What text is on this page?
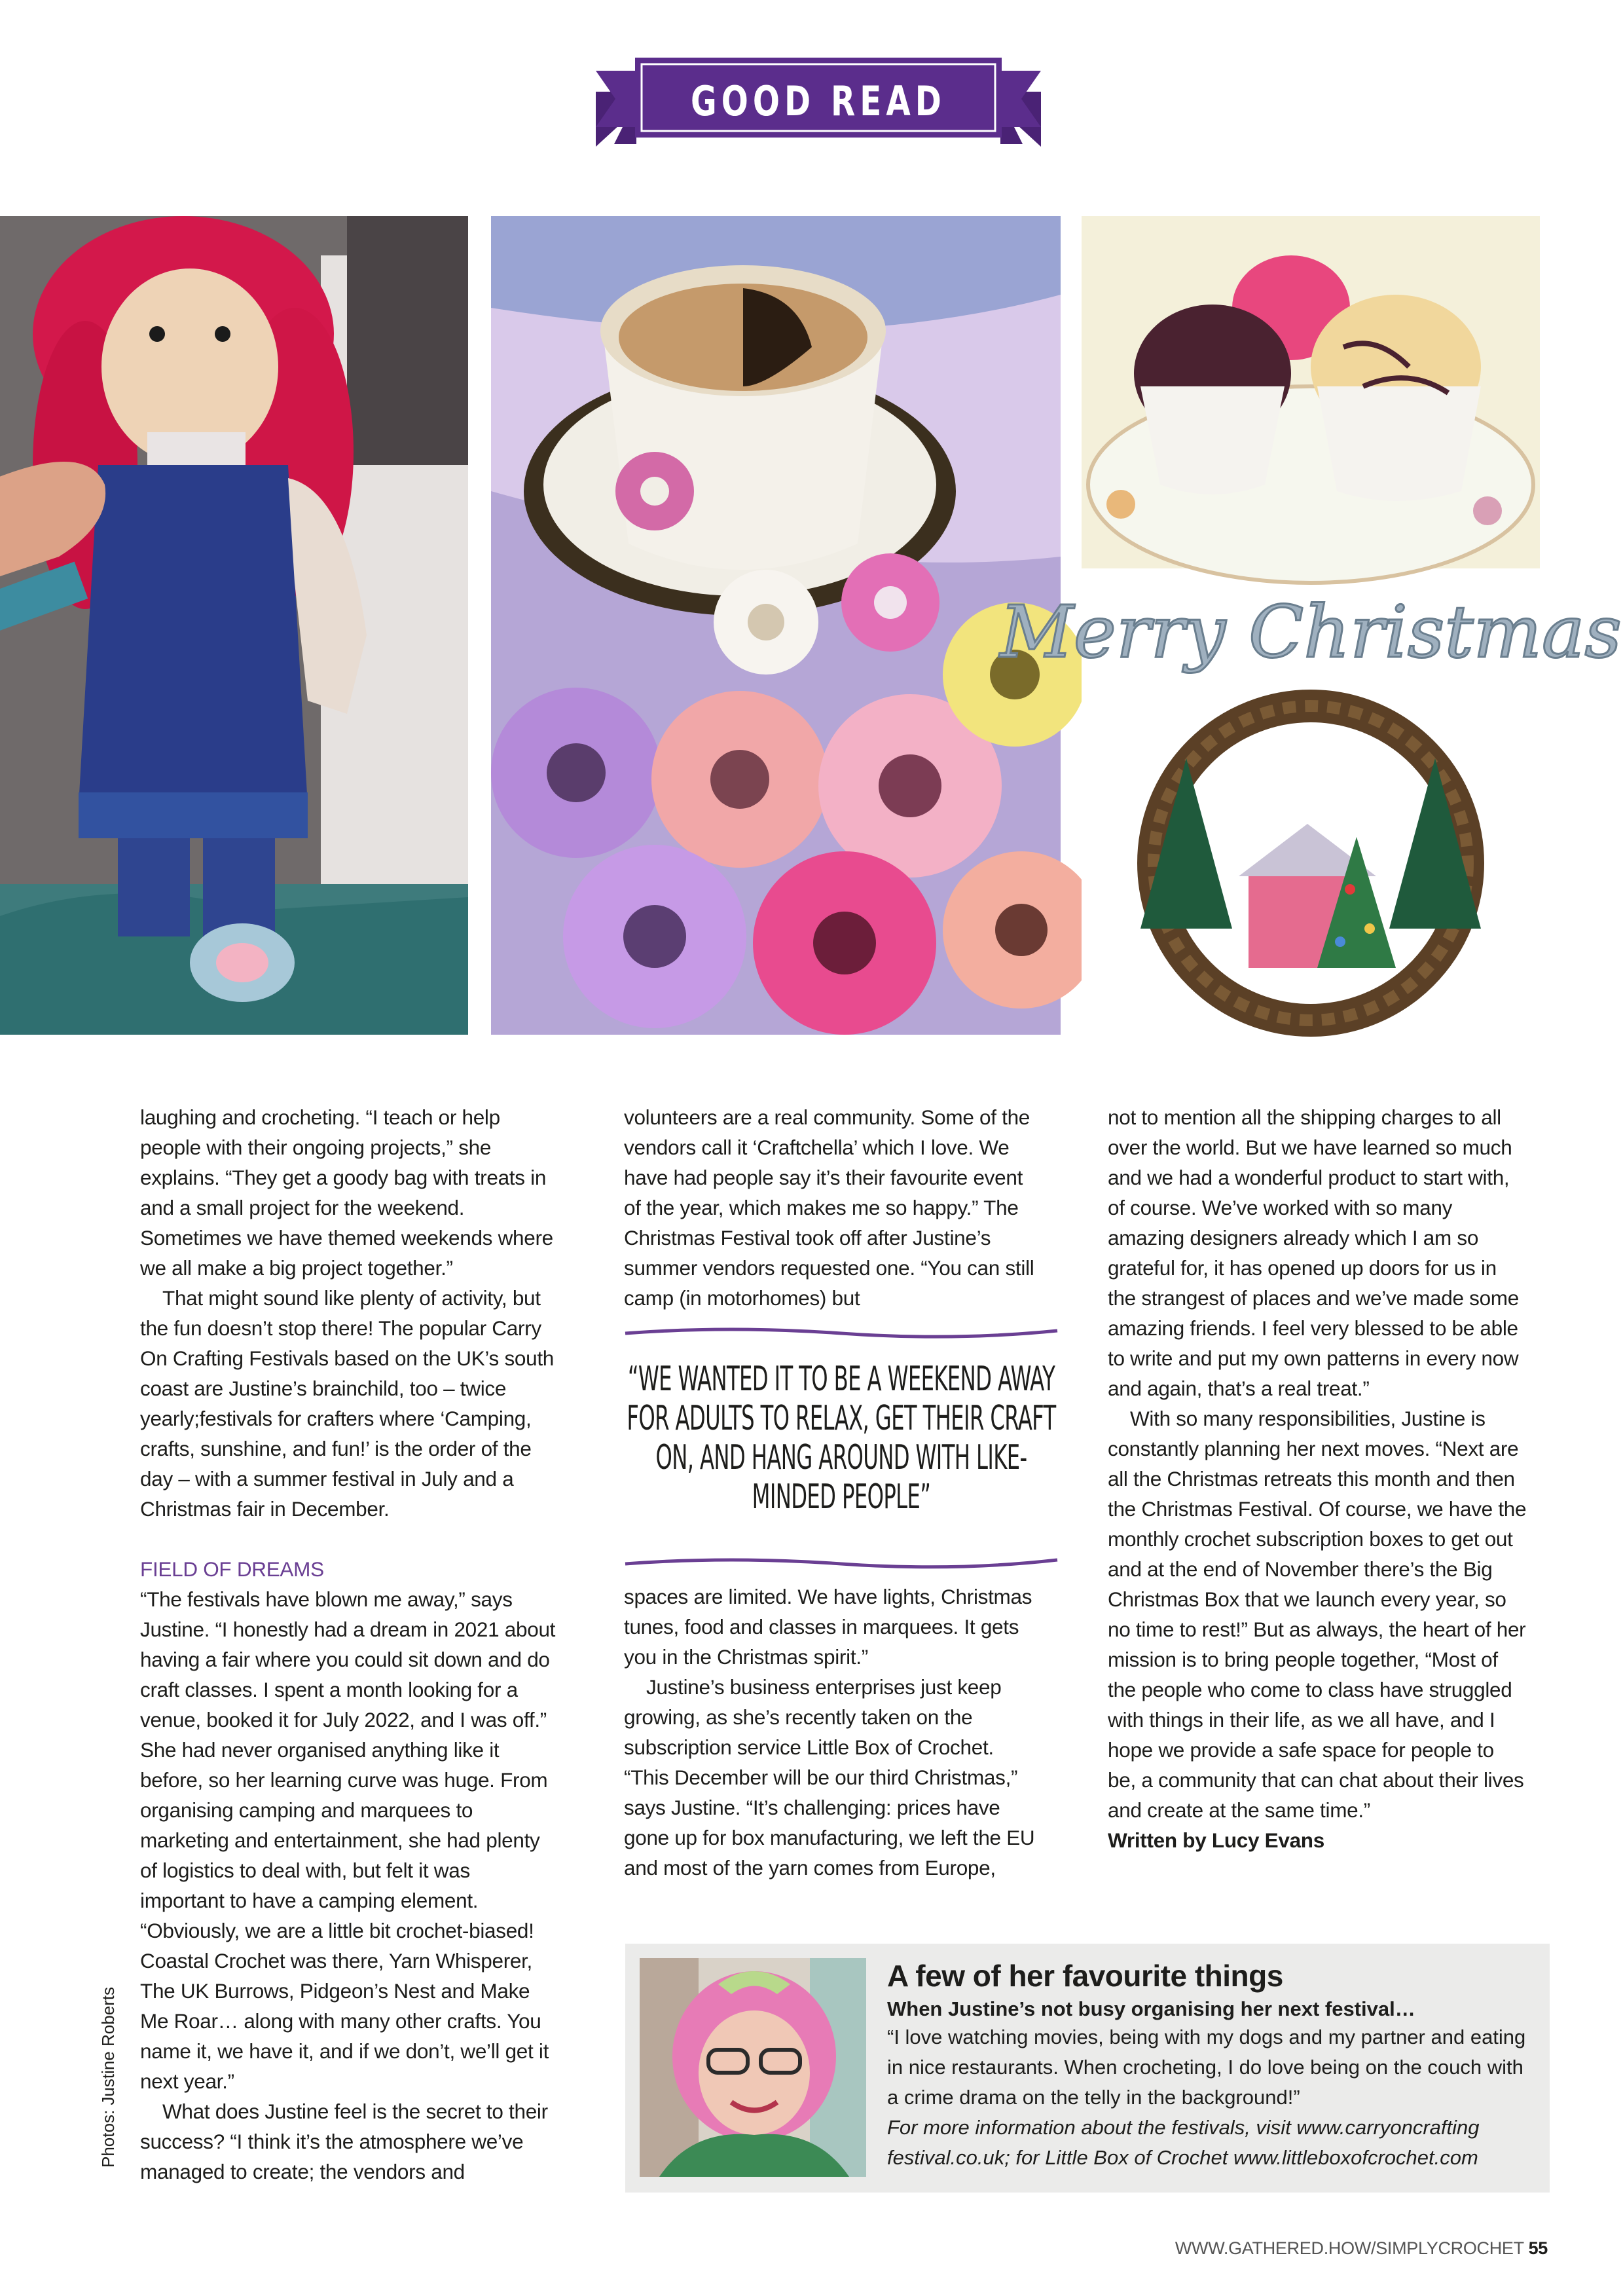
GOOD READ
Merry Christmas

laughing and crocheting. “I teach or help people with their ongoing projects,” she explains. “They get a goody bag with treats in and a small project for the weekend. Sometimes we have themed weekends where we all make a big project together.”

That might sound like plenty of activity, but the fun doesn’t stop there! The popular Carry On Crafting Festivals based on the UK’s south coast are Justine’s brainchild, too – twice yearly;festivals for crafters where ‘Camping, crafts, sunshine, and fun!’ is the order of the day – with a summer festival in July and a Christmas fair in December.

FIELD OF DREAMS

“The festivals have blown me away,” says Justine. “I honestly had a dream in 2021 about having a fair where you could sit down and do craft classes. I spent a month looking for a venue, booked it for July 2022, and I was off.” She had never organised anything like it before, so her learning curve was huge. From organising camping and marquees to marketing and entertainment, she had plenty of logistics to deal with, but felt it was important to have a camping element. “Obviously, we are a little bit crochet-biased! Coastal Crochet was there, Yarn Whisperer, The UK Burrows, Pidgeon’s Nest and Make Me Roar… along with many other crafts. You name it, we have it, and if we don’t, we’ll get it next year.”

What does Justine feel is the secret to their success? “I think it’s the atmosphere we’ve managed to create; the vendors and

volunteers are a real community. Some of the vendors call it ‘Craftchella’ which I love. We have had people say it’s their favourite event of the year, which makes me so happy.” The Christmas Festival took off after Justine’s summer vendors requested one. “You can still camp (in motorhomes) but

“WE WANTED IT TO BE A WEEKEND AWAY FOR ADULTS TO RELAX, GET THEIR CRAFT ON, AND HANG AROUND WITH LIKE-MINDED PEOPLE”

spaces are limited. We have lights, Christmas tunes, food and classes in marquees. It gets you in the Christmas spirit.”

Justine’s business enterprises just keep growing, as she’s recently taken on the subscription service Little Box of Crochet. “This December will be our third Christmas,” says Justine. “It’s challenging: prices have gone up for box manufacturing, we left the EU and most of the yarn comes from Europe,

not to mention all the shipping charges to all over the world. But we have learned so much and we had a wonderful product to start with, of course. We’ve worked with so many amazing designers already which I am so grateful for, it has opened up doors for us in the strangest of places and we’ve made some amazing friends. I feel very blessed to be able to write and put my own patterns in every now and again, that’s a real treat.”

With so many responsibilities, Justine is constantly planning her next moves. “Next are all the Christmas retreats this month and then the Christmas Festival. Of course, we have the monthly crochet subscription boxes to get out and at the end of November there’s the Big Christmas Box that we launch every year, so no time to rest!” But as always, the heart of her mission is to bring people together, “Most of the people who come to class have struggled with things in their life, as we all have, and I hope we provide a safe space for people to be, a community that can chat about their lives and create at the same time.”

Written by Lucy Evans

Photos: Justine Roberts

A few of her favourite things

When Justine’s not busy organising her next festival…

“I love watching movies, being with my dogs and my partner and eating in nice restaurants. When crocheting, I do love being on the couch with a crime drama on the telly in the background!”

For more information about the festivals, visit www.carryoncrafting festival.co.uk; for Little Box of Crochet www.littleboxofcrochet.com

WWW.GATHERED.HOW/SIMPLYCROCHET 55
